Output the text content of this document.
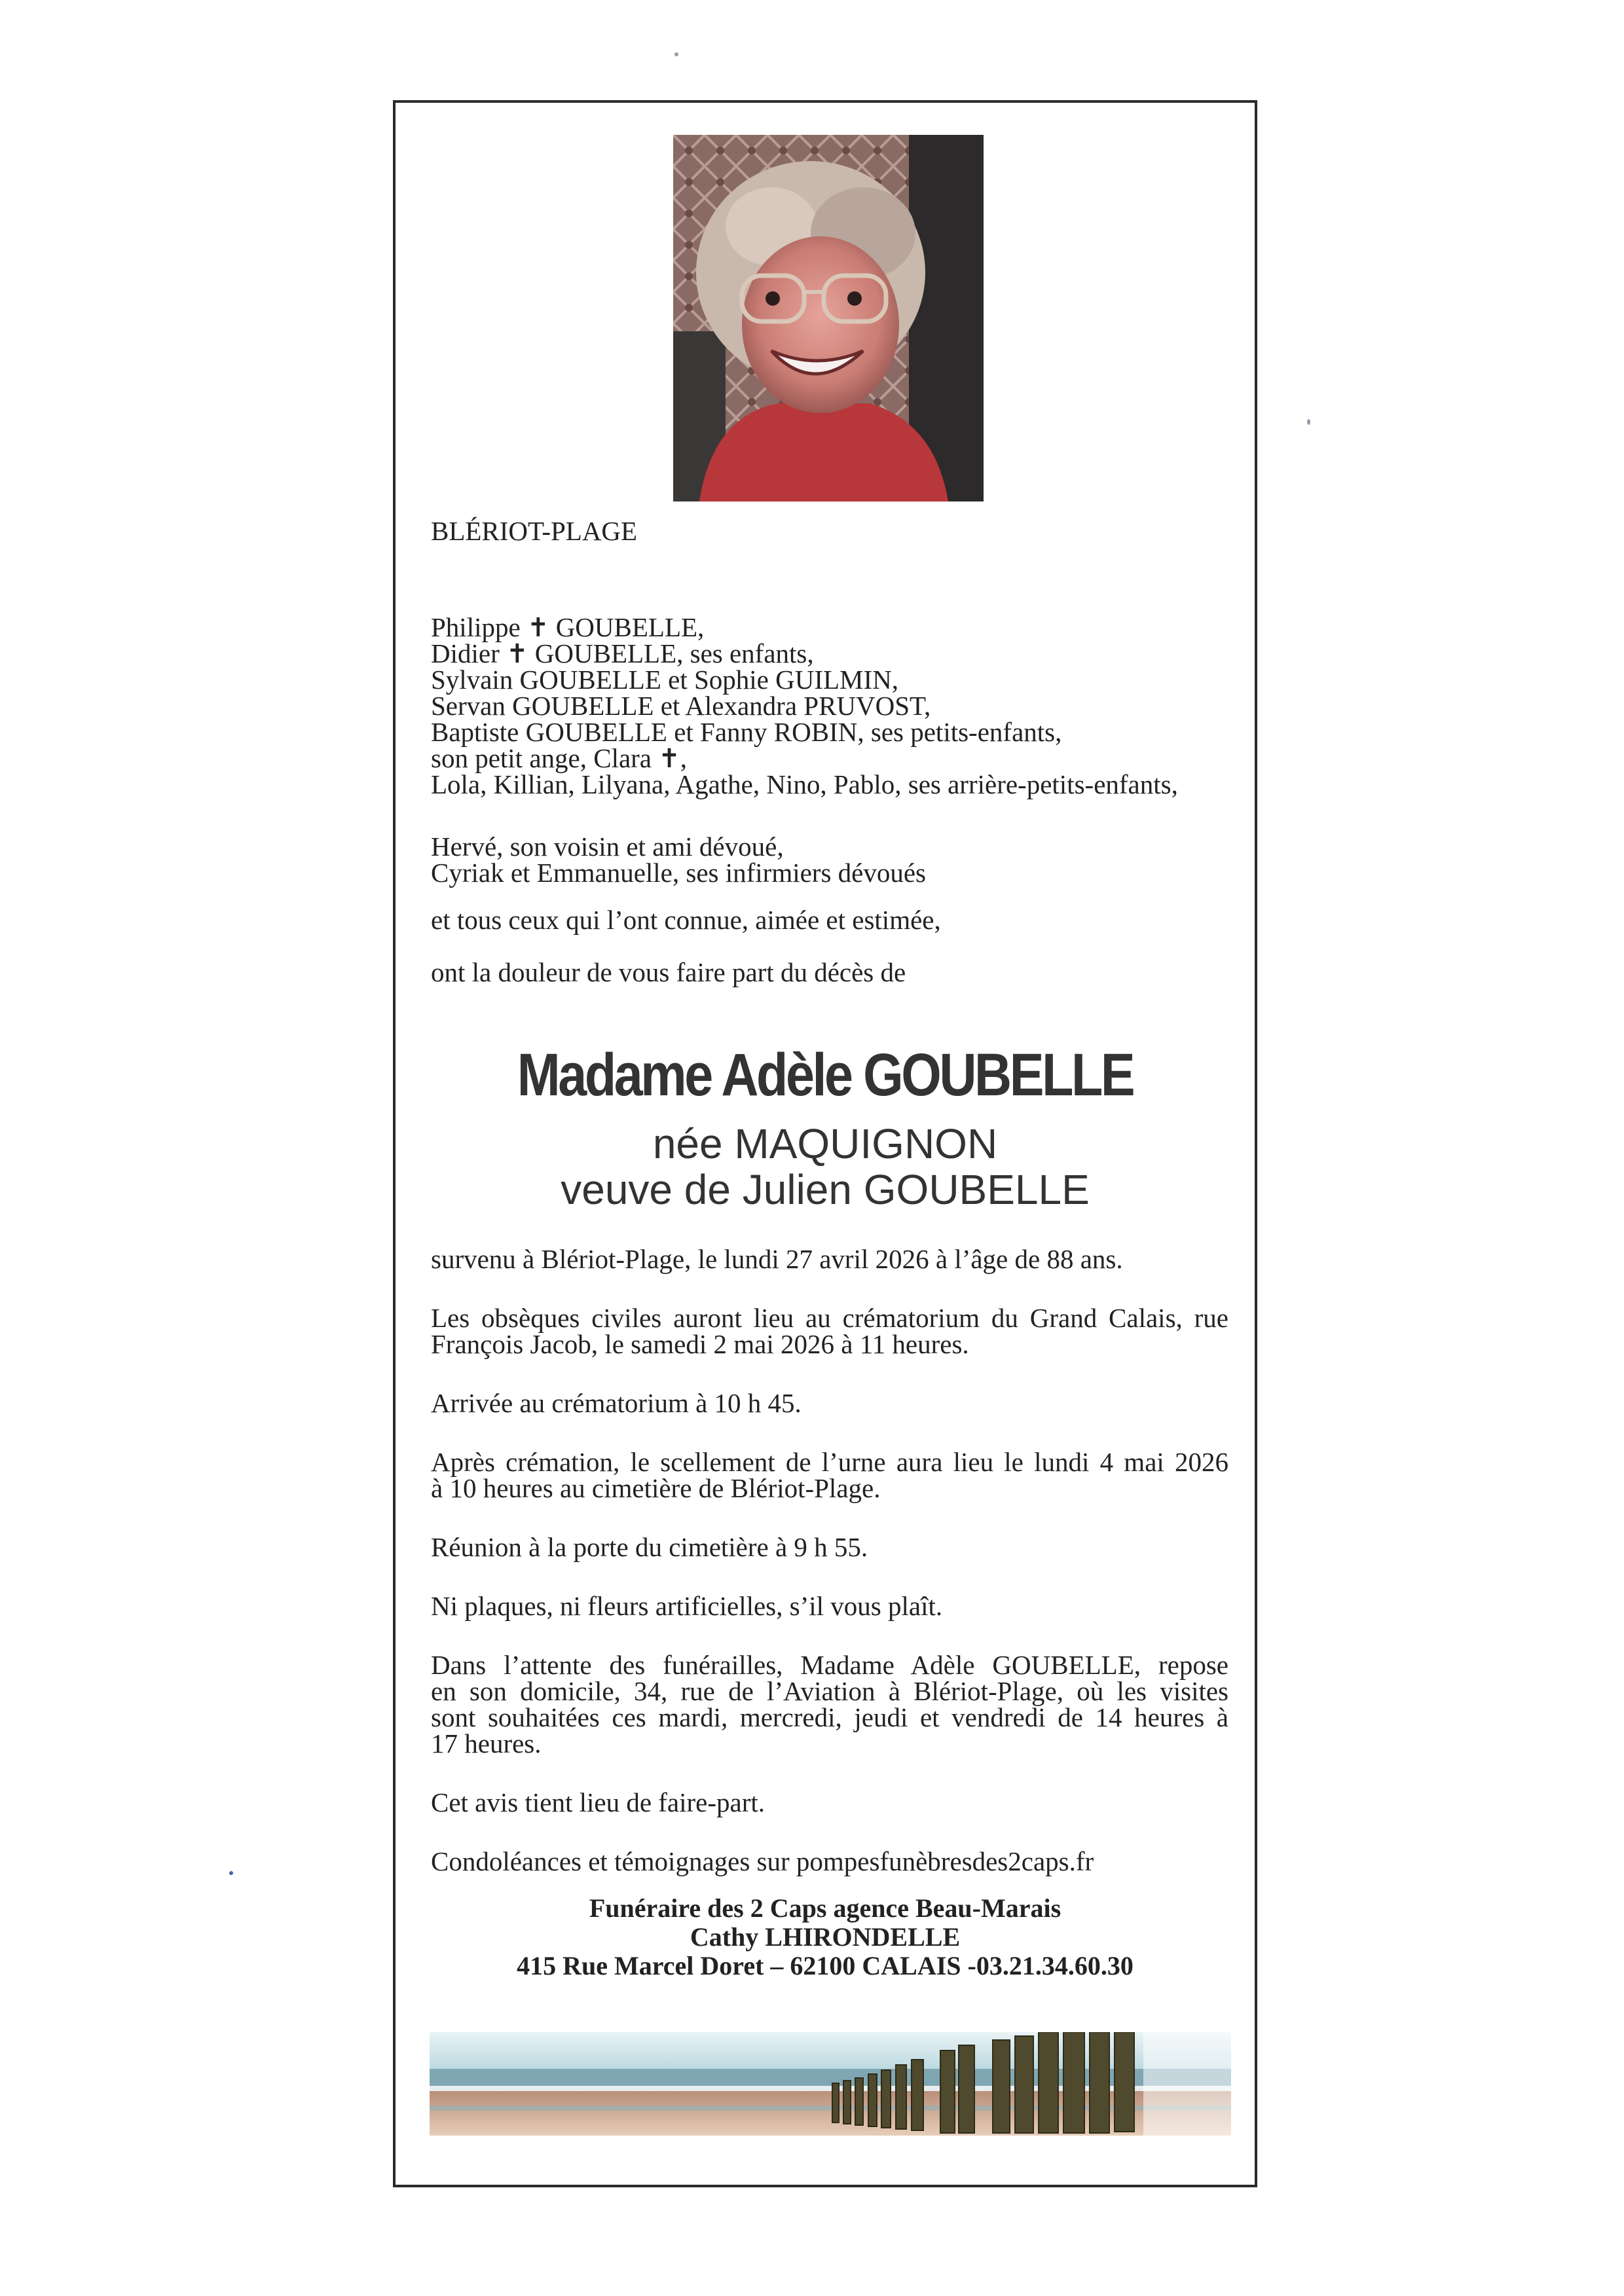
BLÉRIOT-PLAGE
Philippe ✝ GOUBELLE,
Didier ✝ GOUBELLE, ses enfants,
Sylvain GOUBELLE et Sophie GUILMIN,
Servan GOUBELLE et Alexandra PRUVOST,
Baptiste GOUBELLE et Fanny ROBIN, ses petits-enfants,
son petit ange, Clara ✝,
Lola, Killian, Lilyana, Agathe, Nino, Pablo, ses arrière-petits-enfants,
Hervé, son voisin et ami dévoué,
Cyriak et Emmanuelle, ses infirmiers dévoués
et tous ceux qui l’ont connue, aimée et estimée,
ont la douleur de vous faire part du décès de
survenu à Blériot-Plage, le lundi 27 avril 2026 à l’âge de 88 ans.
Les obsèques civiles auront lieu au crématorium du Grand Calais, rue
François Jacob, le samedi 2 mai 2026 à 11 heures.
Arrivée au crématorium à 10 h 45.
Après crémation, le scellement de l’urne aura lieu le lundi 4 mai 2026
à 10 heures au cimetière de Blériot-Plage.
Réunion à la porte du cimetière à 9 h 55.
Ni plaques, ni fleurs artificielles, s’il vous plaît.
Dans l’attente des funérailles, Madame Adèle GOUBELLE, repose
en son domicile, 34, rue de l’Aviation à Blériot-Plage, où les visites
sont souhaitées ces mardi, mercredi, jeudi et vendredi de 14 heures à
17 heures.
Cet avis tient lieu de faire-part.
Condoléances et témoignages sur pompesfunèbresdes2caps.fr
Madame Adèle GOUBELLE
née MAQUIGNON
veuve de Julien GOUBELLE
Funéraire des 2 Caps agence Beau-Marais
Cathy LHIRONDELLE
415 Rue Marcel Doret – 62100 CALAIS -03.21.34.60.30
